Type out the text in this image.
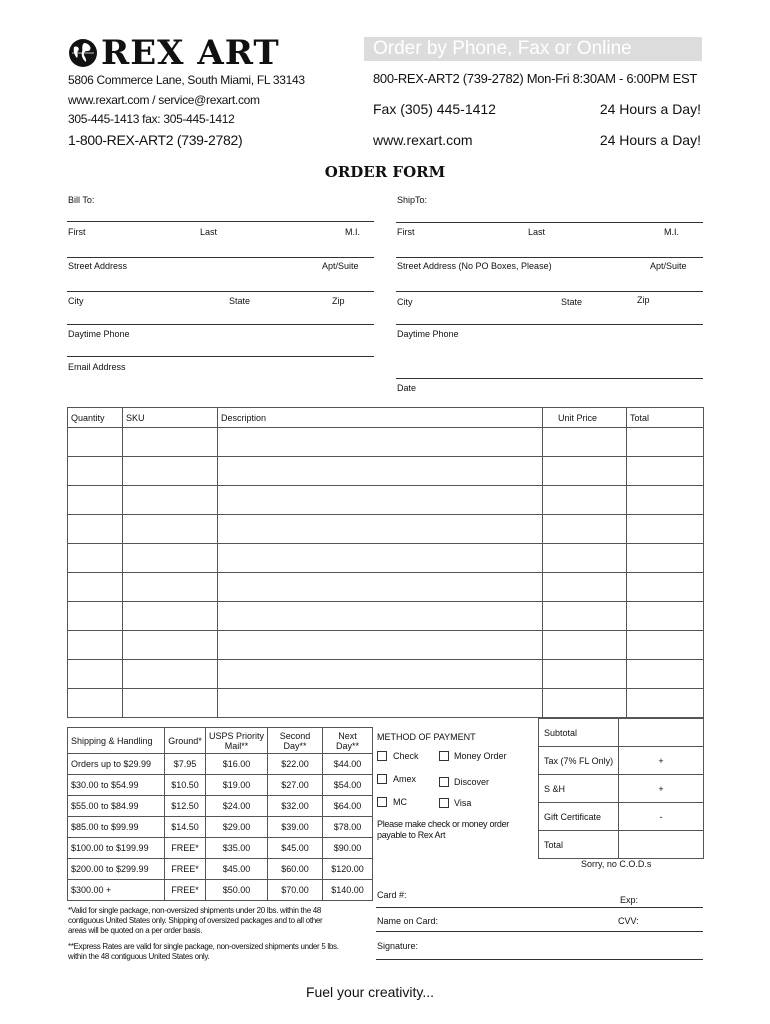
REX ART	Order by Phone, Fax or Online
5806 Commerce Lane, South Miami, FL 33143
www.rexart.com / service@rexart.com
305-445-1413 fax: 305-445-1412
1-800-REX-ART2 (739-2782)
800-REX-ART2 (739-2782) Mon-Fri 8:30AM - 6:00PM EST
Fax (305) 445-1412
www.rexart.com
24 Hours a Day!
24 Hours a Day!
ORDER FORM
Bill To:
First	Last	M.I.
Street Address	Apt/Suite
City	State	Zip
Daytime Phone
Email Address
ShipTo:
First	Last	M.I.
Street Address (No PO Boxes, Please)	Apt/Suite
City	State	Zip
Daytime Phone
Date
Quantity	SKU	Description	Unit Price	Total

Shipping & Handling	Ground*	USPS Priority Mail**	Second Day**	Next Day**
Orders up to $29.99	$7.95	$16.00	$22.00	$44.00
$30.00 to $54.99	$10.50	$19.00	$27.00	$54.00
$55.00 to $84.99	$12.50	$24.00	$32.00	$64.00
$85.00 to $99.99	$14.50	$29.00	$39.00	$78.00
$100.00 to $199.99	FREE*	$35.00	$45.00	$90.00
$200.00 to $299.99	FREE*	$45.00	$60.00	$120.00
$300.00 +	FREE*	$50.00	$70.00	$140.00
*Valid for single package, non-oversized shipments under 20 lbs. within the 48 contiguous United States only. Shipping of oversized packages and to all other areas will be quoted on a per order basis.
**Express Rates are valid for single package, non-oversized shipments under 5 lbs. within the 48 contiguous United States only.
METHOD OF PAYMENT
Check	Money Order
Amex	Discover
MC	Visa
Please make check or money order payable to Rex Art
Subtotal	
Tax (7% FL Only)	+
S &H	+
Gift Certificate	-
Total	
Sorry, no C.O.D.s
Card #:	Exp:
Name on Card:	CVV:
Signature:
Fuel your creativity...
